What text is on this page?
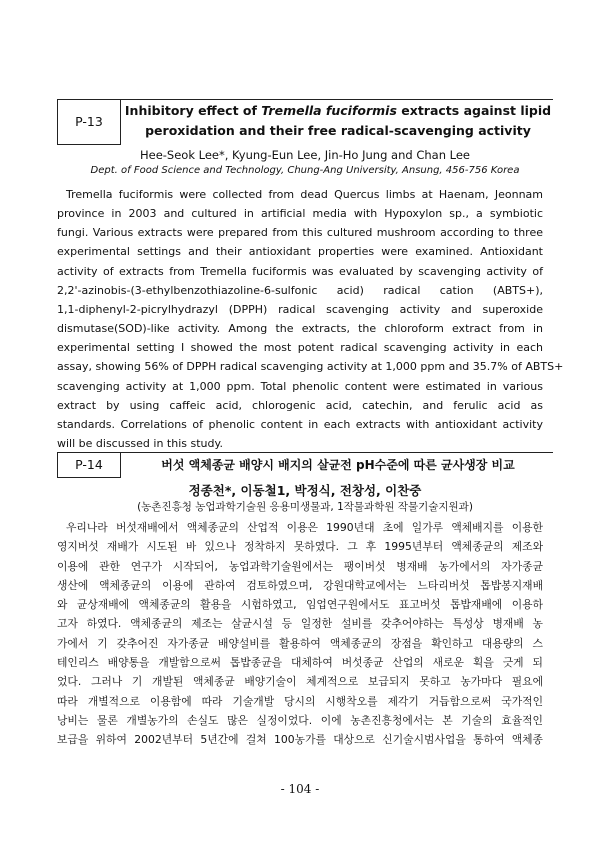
P-13
Inhibitory effect of Tremella fuciformis extracts against lipid
peroxidation and their free radical-scavenging activity
Hee-Seok Lee*, Kyung-Eun Lee, Jin-Ho Jung and Chan Lee
Dept. of Food Science and Technology, Chung-Ang University, Ansung, 456-756 Korea
Tremella fuciformis were collected from dead Quercus limbs at Haenam, Jeonnam
province in 2003 and cultured in artificial media with Hypoxylon sp., a symbiotic
fungi. Various extracts were prepared from this cultured mushroom according to three
experimental settings and their antioxidant properties were examined. Antioxidant
activity of extracts from Tremella fuciformis was evaluated by scavenging activity of
2,2'-azinobis-(3-ethylbenzothiazoline-6-sulfonic acid) radical cation (ABTS+),
1,1-diphenyl-2-picrylhydrazyl (DPPH) radical scavenging activity and superoxide
dismutase(SOD)-like activity. Among the extracts, the chloroform extract from in
experimental setting I showed the most potent radical scavenging activity in each
assay, showing 56% of DPPH radical scavenging activity at 1,000 ppm and 35.7% of ABTS+
scavenging activity at 1,000 ppm. Total phenolic content were estimated in various
extract by using caffeic acid, chlorogenic acid, catechin, and ferulic acid as
standards. Correlations of phenolic content in each extracts with antioxidant activity
will be discussed in this study.
P-14	버섯 액체종균 배양시 배지의 살균전 pH수준에 따른 균사생장 비교
정종천*, 이동철1, 박정식, 전창성, 이찬중
(농촌진흥청 농업과학기술원 응용미생물과, 1작물과학원 작물기술지원과)
우리나라 버섯재배에서 액체종균의 산업적 이용은 1990년대 초에 일가루 액체배지를 이용한
영지버섯 재배가 시도된 바 있으나 정착하지 못하였다. 그 후 1995년부터 액체종균의 제조와
이용에 관한 연구가 시작되어, 농업과학기술원에서는 팽이버섯 병재배 농가에서의 자가종균
생산에 액체종균의 이용에 관하여 검토하였으며, 강원대학교에서는 느타리버섯 톱밥봉지재배
와 균상재배에 액체종균의 활용을 시험하였고, 임업연구원에서도 표고버섯 톱밥재배에 이용하
고자 하였다. 액체종균의 제조는 살균시설 등 일정한 설비를 갖추어야하는 특성상 병재배 농
가에서 기 갖추어진 자가종균 배양설비를 활용하여 액체종균의 장점을 확인하고 대용량의 스
테인리스 배양통을 개발함으로써 톱밥종균을 대체하여 버섯종균 산업의 새로운 획을 긋게 되
었다. 그러나 기 개발된 액체종균 배양기술이 체계적으로 보급되지 못하고 농가마다 필요에
따라 개별적으로 이용함에 따라 기술개발 당시의 시행착오를 제각기 거듭함으로써 국가적인
낭비는 물론 개별농가의 손실도 많은 실정이었다. 이에 농촌진흥청에서는 본 기술의 효율적인
보급을 위하여 2002년부터 5년간에 걸쳐 100농가를 대상으로 신기술시범사업을 통하여 액체종
- 104 -
